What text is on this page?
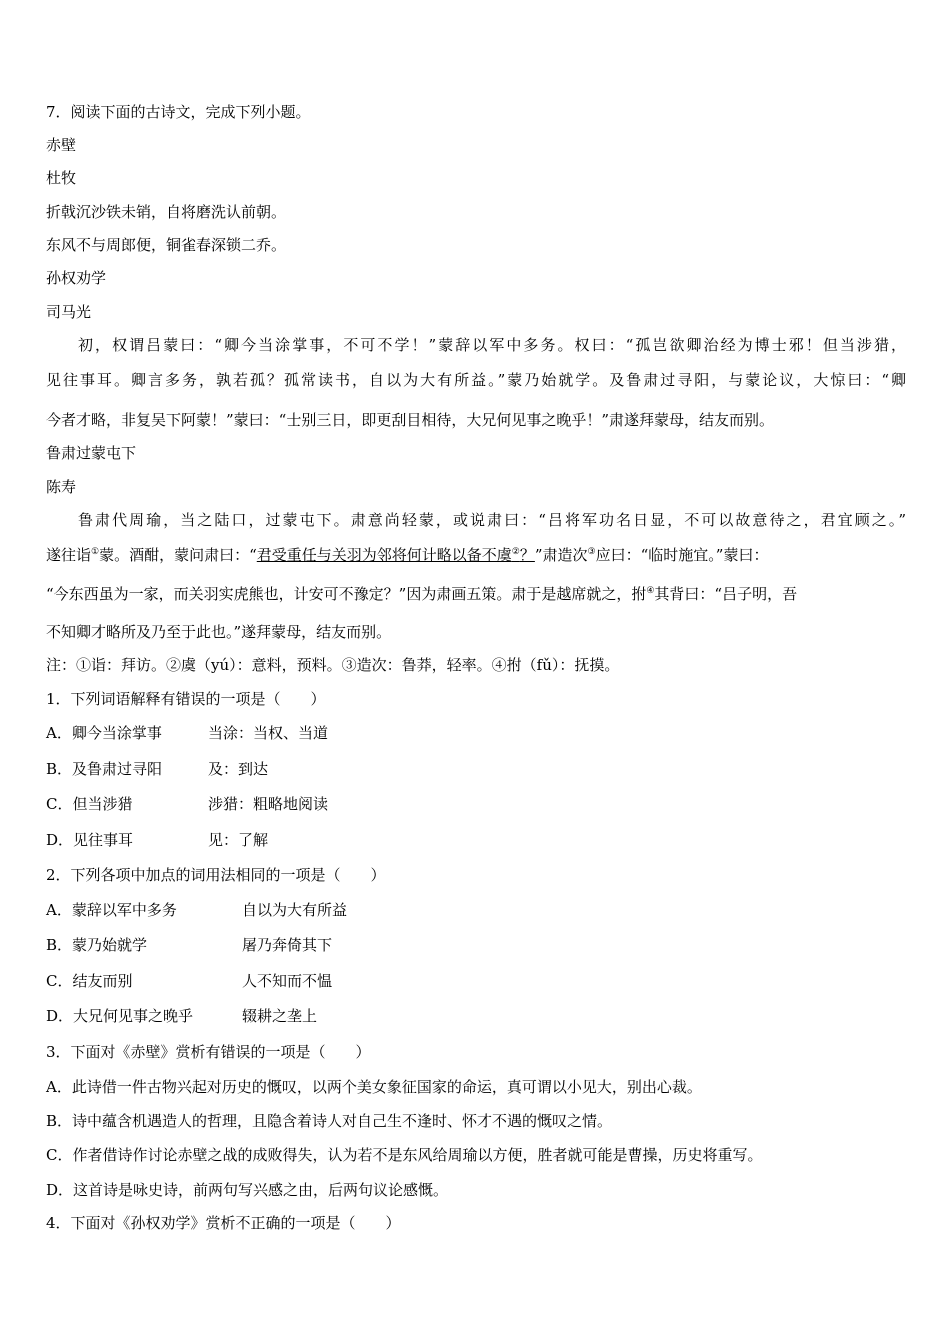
7．阅读下面的古诗文，完成下列小题。
赤壁
杜牧
折戟沉沙铁未销，自将磨洗认前朝。
东风不与周郎便，铜雀春深锁二乔。
孙权劝学
司马光
初，权谓吕蒙曰：“卿今当涂掌事，不可不学！”蒙辞以军中多务。权曰：“孤岂欲卿治经为博士邪！但当涉猎，
见往事耳。卿言多务，孰若孤？孤常读书，自以为大有所益。”蒙乃始就学。及鲁肃过寻阳，与蒙论议，大惊曰：“卿
今者才略，非复吴下阿蒙！”蒙曰：“士别三日，即更刮目相待，大兄何见事之晚乎！”肃遂拜蒙母，结友而别。
鲁肃过蒙屯下
陈寿
鲁肃代周瑜，当之陆口，过蒙屯下。肃意尚轻蒙，或说肃曰：“吕将军功名日显，不可以故意待之，君宜顾之。”
遂往诣①蒙。酒酣，蒙问肃曰：“君受重任与关羽为邻将何计略以备不虞②？”肃造次③应曰：“临时施宜。”蒙曰：
“今东西虽为一家，而关羽实虎熊也，计安可不豫定？”因为肃画五策。肃于是越席就之，拊④其背曰：“吕子明，吾
不知卿才略所及乃至于此也。”遂拜蒙母，结友而别。
注：①诣：拜访。②虞（yú）：意料，预料。③造次：鲁莽，轻率。④拊（fǔ）：抚摸。
1．下列词语解释有错误的一项是（　　）
A．卿今当涂掌事	当涂：当权、当道
B．及鲁肃过寻阳	及：到达
C．但当涉猎	涉猎：粗略地阅读
D．见往事耳	见：了解
2．下列各项中加点的词用法相同的一项是（　　）
A．蒙辞以军中多务	自以为大有所益
B．蒙乃始就学	屠乃奔倚其下
C．结友而别	人不知而不愠
D．大兄何见事之晚乎	辍耕之垄上
3．下面对《赤壁》赏析有错误的一项是（　　）
A．此诗借一件古物兴起对历史的慨叹，以两个美女象征国家的命运，真可谓以小见大，别出心裁。
B．诗中蕴含机遇造人的哲理，且隐含着诗人对自己生不逢时、怀才不遇的慨叹之情。
C．作者借诗作讨论赤壁之战的成败得失，认为若不是东风给周瑜以方便，胜者就可能是曹操，历史将重写。
D．这首诗是咏史诗，前两句写兴感之由，后两句议论感慨。
4．下面对《孙权劝学》赏析不正确的一项是（　　）
